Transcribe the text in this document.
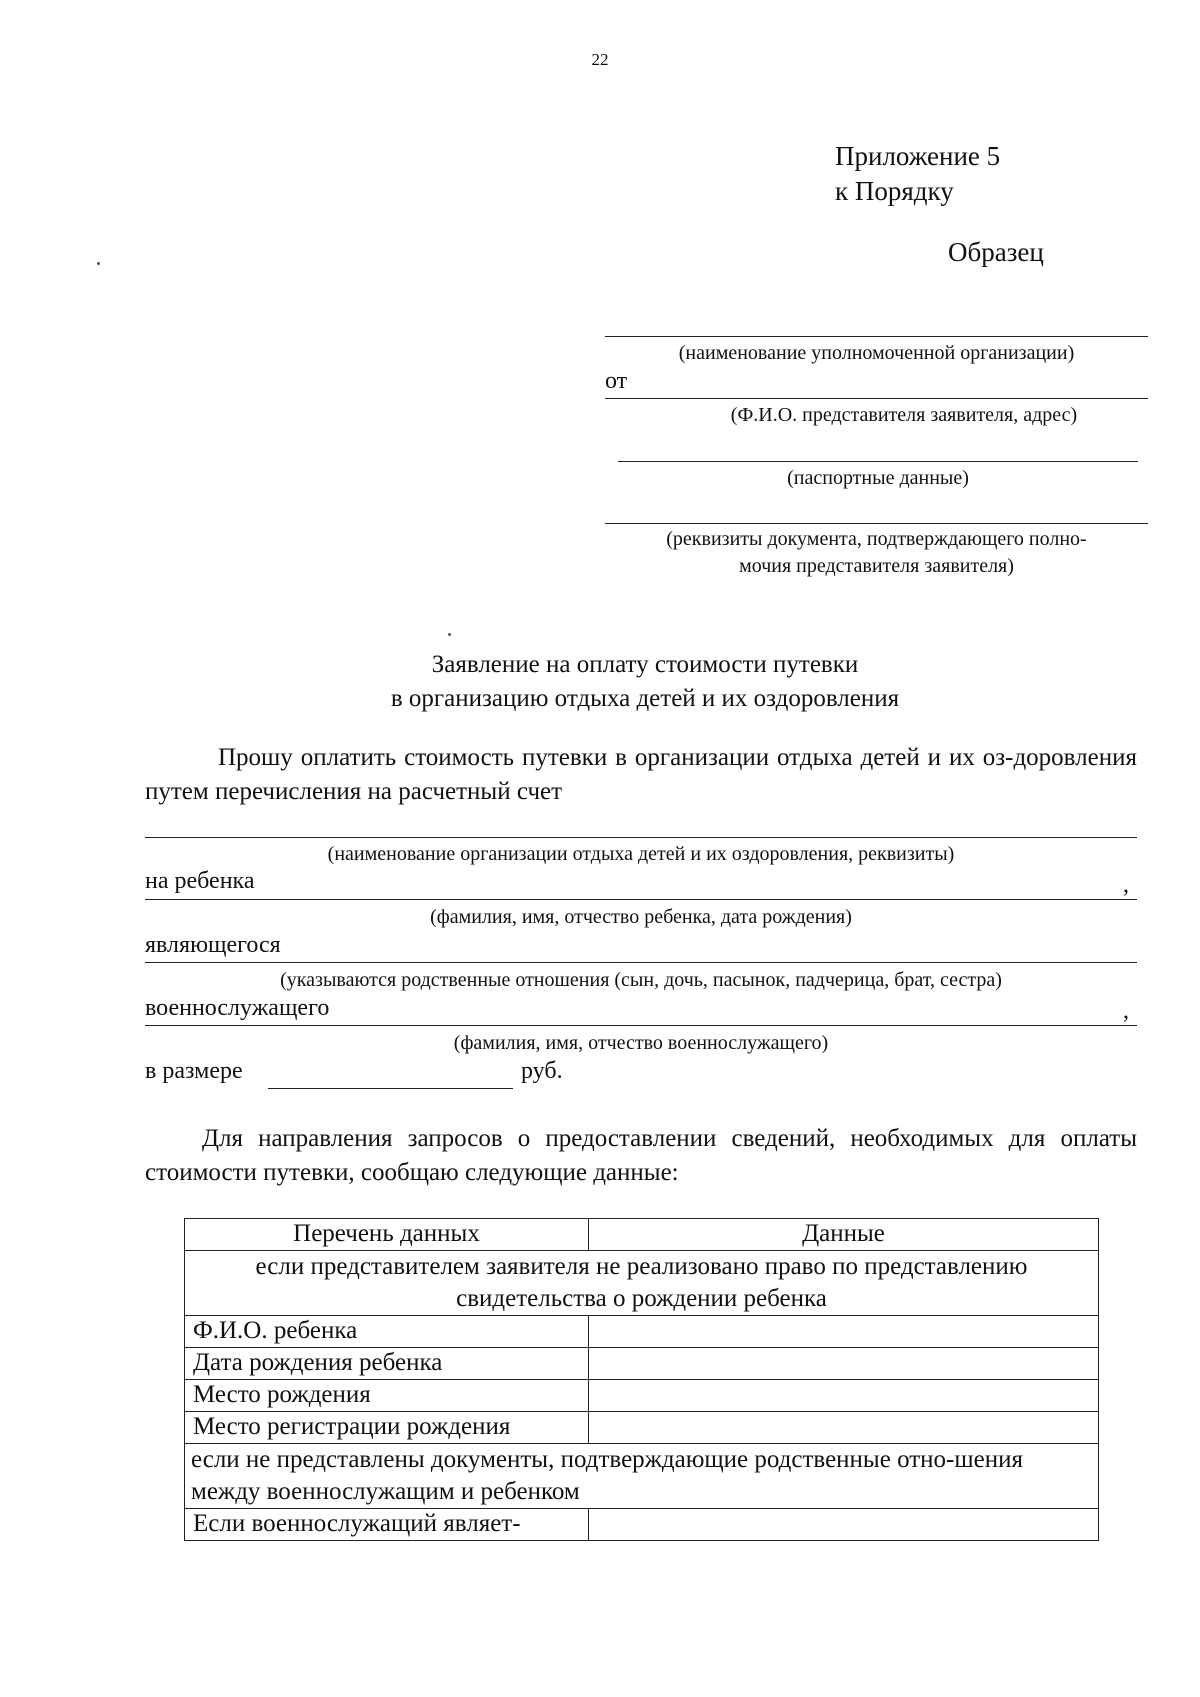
22
Приложение 5
к Порядку
Образец
(наименование уполномоченной организации)
от
(Ф.И.О. представителя заявителя, адрес)
(паспортные данные)
(реквизиты документа, подтверждающего полно-
мочия представителя заявителя)
Заявление на оплату стоимости путевки
в организацию отдыха детей и их оздоровления
Прошу оплатить стоимость путевки в организации отдыха детей и их оз-доровления путем перечисления на расчетный счет
(наименование организации отдыха детей и их оздоровления, реквизиты)
на ребенка	,
(фамилия, имя, отчество ребенка, дата рождения)
являющегося
(указываются родственные отношения (сын, дочь, пасынок, падчерица, брат, сестра)
военнослужащего	,
(фамилия, имя, отчество военнослужащего)
в размере	руб.
Для направления запросов о предоставлении сведений, необходимых для оплаты стоимости путевки, сообщаю следующие данные:
Перечень данных	Данные
если представителем заявителя не реализовано право по представлению свидетельства о рождении ребенка	
Ф.И.О. ребенка	
Дата рождения ребенка	
Место рождения	
Место регистрации рождения	
если не представлены документы, подтверждающие родственные отно-шения между военнослужащим и ребенком	
Если военнослужащий являет-	
